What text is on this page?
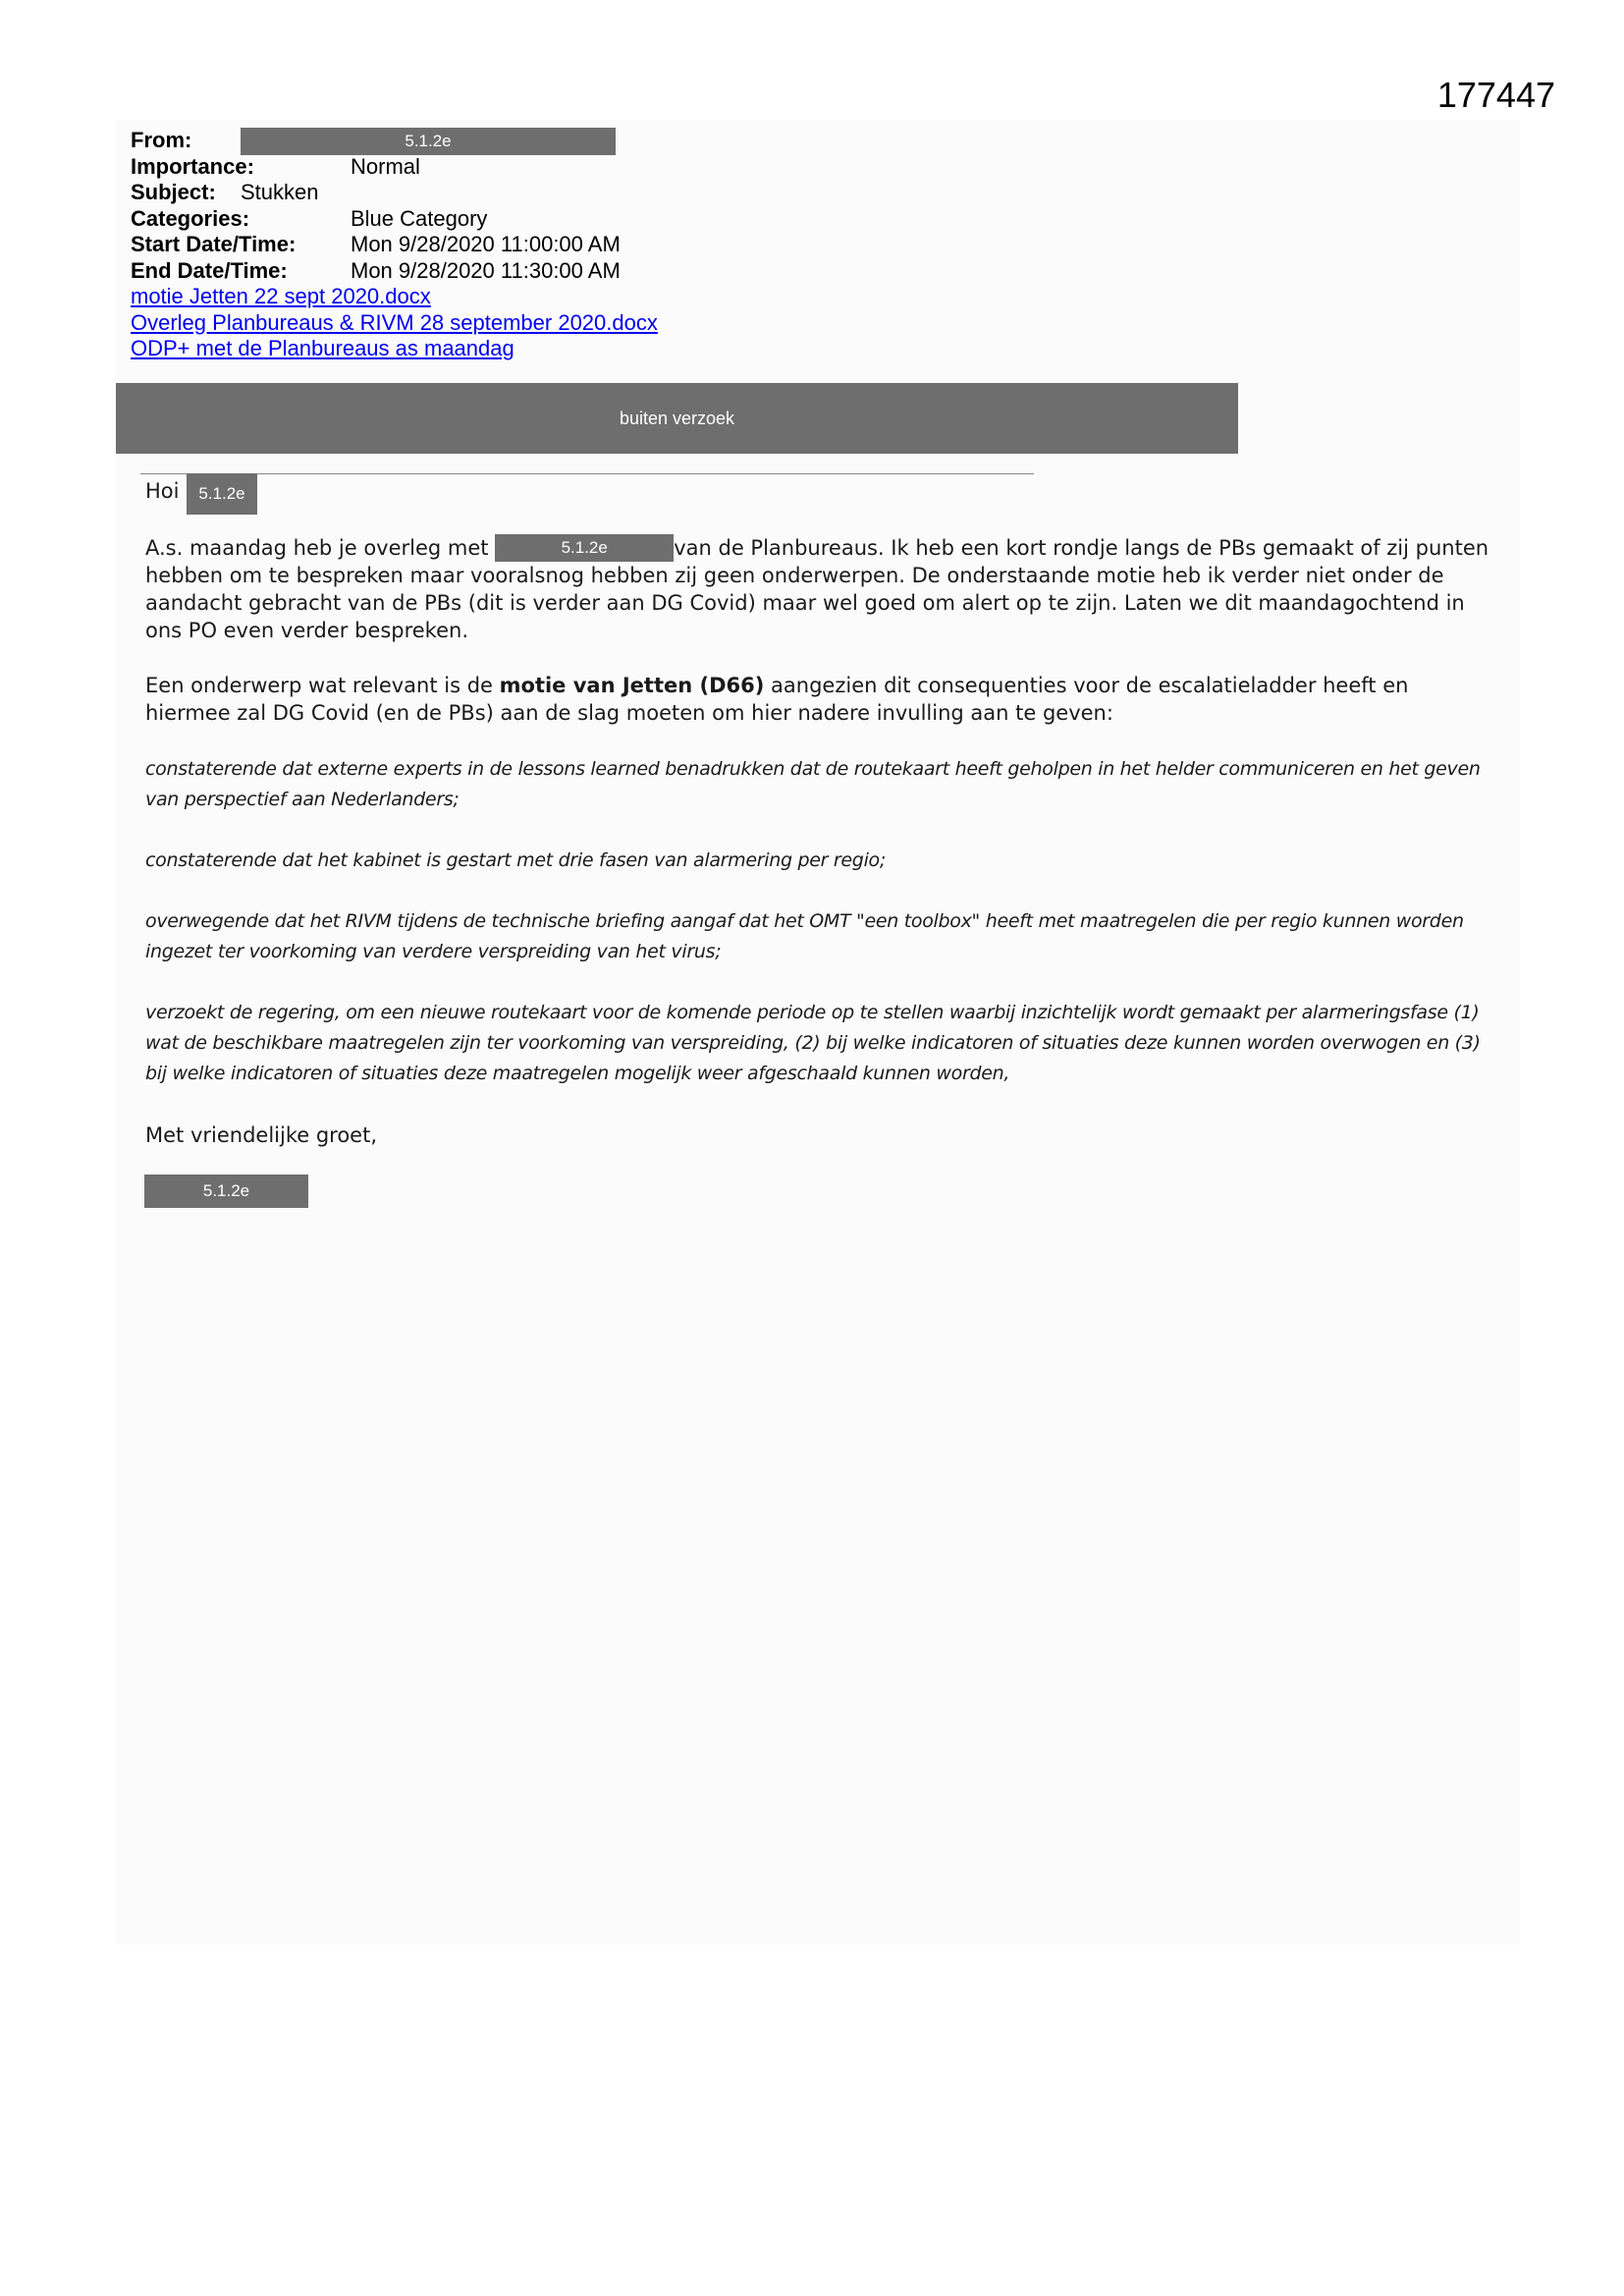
177447
From:	5.1.2e
Importance:	Normal
Subject: Stukken
Categories:	Blue Category
Start Date/Time:	Mon 9/28/2020 11:00:00 AM
End Date/Time:	Mon 9/28/2020 11:30:00 AM
motie Jetten 22 sept 2020.docx
Overleg Planbureaus & RIVM 28 september 2020.docx
ODP+ met de Planbureaus as maandag
buiten verzoek
Hoi	5.1.2e

A.s. maandag heb je overleg met	5.1.2e	van de Planbureaus. Ik heb een kort rondje langs de PBs gemaakt of zij punten hebben om te bespreken maar vooralsnog hebben zij geen onderwerpen. De onderstaande motie heb ik verder niet onder de aandacht gebracht van de PBs (dit is verder aan DG Covid) maar wel goed om alert op te zijn. Laten we dit maandagochtend in ons PO even verder bespreken.

Een onderwerp wat relevant is de motie van Jetten (D66) aangezien dit consequenties voor de escalatieladder heeft en hiermee zal DG Covid (en de PBs) aan de slag moeten om hier nadere invulling aan te geven:

constaterende dat externe experts in de lessons learned benadrukken dat de routekaart heeft geholpen in het helder communiceren en het geven van perspectief aan Nederlanders;

constaterende dat het kabinet is gestart met drie fasen van alarmering per regio;

overwegende dat het RIVM tijdens de technische briefing aangaf dat het OMT "een toolbox" heeft met maatregelen die per regio kunnen worden ingezet ter voorkoming van verdere verspreiding van het virus;

verzoekt de regering, om een nieuwe routekaart voor de komende periode op te stellen waarbij inzichtelijk wordt gemaakt per alarmeringsfase (1) wat de beschikbare maatregelen zijn ter voorkoming van verspreiding, (2) bij welke indicatoren of situaties deze kunnen worden overwogen en (3) bij welke indicatoren of situaties deze maatregelen mogelijk weer afgeschaald kunnen worden,

Met vriendelijke groet,
5.1.2e
